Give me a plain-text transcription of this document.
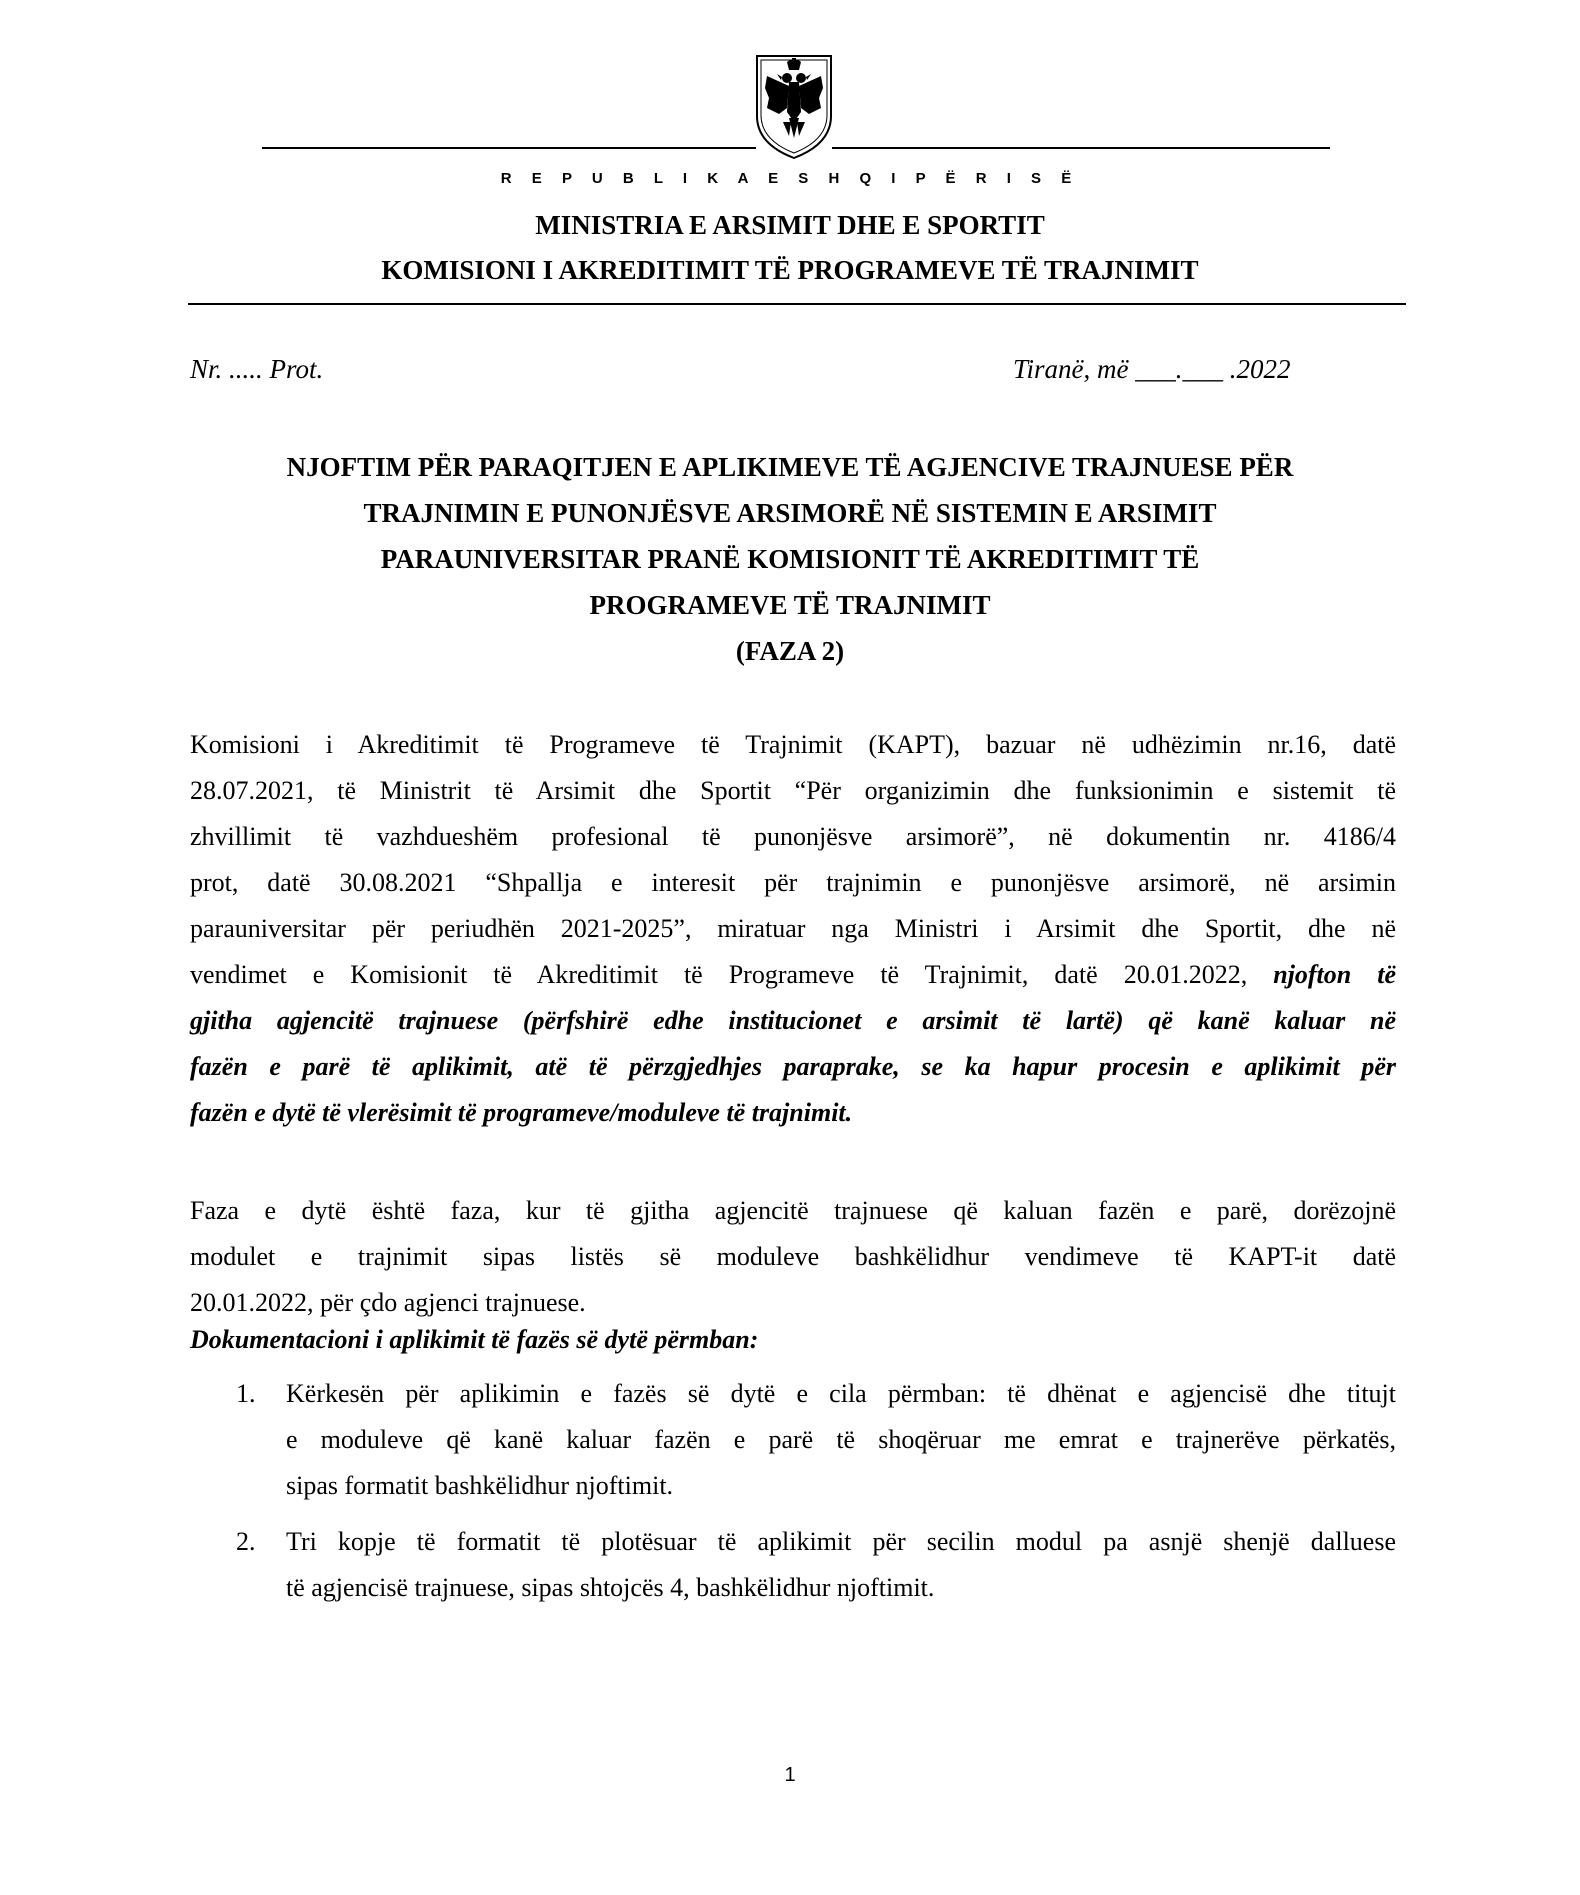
R E P U B L I K A E S H Q I P Ë R I S Ë
MINISTRIA E ARSIMIT DHE E SPORTIT
KOMISIONI I AKREDITIMIT TË PROGRAMEVE TË TRAJNIMIT
Nr. ..... Prot.	Tiranë, më ___.___ .2022
NJOFTIM PËR PARAQITJEN E APLIKIMEVE TË AGJENCIVE TRAJNUESE PËR
TRAJNIMIN E PUNONJËSVE ARSIMORË NË SISTEMIN E ARSIMIT
PARAUNIVERSITAR PRANË KOMISIONIT TË AKREDITIMIT TË
PROGRAMEVE TË TRAJNIMIT
(FAZA 2)
Komisioni i Akreditimit të Programeve të Trajnimit (KAPT), bazuar në udhëzimin nr.16, datë
28.07.2021, të Ministrit të Arsimit dhe Sportit “Për organizimin dhe funksionimin e sistemit të
zhvillimit të vazhdueshëm profesional të punonjësve arsimorë”, në dokumentin nr. 4186/4
prot, datë 30.08.2021 “Shpallja e interesit për trajnimin e punonjësve arsimorë, në arsimin
parauniversitar për periudhën 2021-2025”, miratuar nga Ministri i Arsimit dhe Sportit, dhe në
vendimet e Komisionit të Akreditimit të Programeve të Trajnimit, datë 20.01.2022, njofton të
gjitha agjencitë trajnuese (përfshirë edhe institucionet e arsimit të lartë) që kanë kaluar në
fazën e parë të aplikimit, atë të përzgjedhjes paraprake, se ka hapur procesin e aplikimit për
fazën e dytë të vlerësimit të programeve/moduleve të trajnimit.
Faza e dytë është faza, kur të gjitha agjencitë trajnuese që kaluan fazën e parë, dorëzojnë
modulet e trajnimit sipas listës së moduleve bashkëlidhur vendimeve të KAPT-it datë
20.01.2022, për çdo agjenci trajnuese.
Dokumentacioni i aplikimit të fazës së dytë përmban:
1. Kërkesën për aplikimin e fazës së dytë e cila përmban: të dhënat e agjencisë dhe titujt
e moduleve që kanë kaluar fazën e parë të shoqëruar me emrat e trajnerëve përkatës,
sipas formatit bashkëlidhur njoftimit.
2. Tri kopje të formatit të plotësuar të aplikimit për secilin modul pa asnjë shenjë dalluese
të agjencisë trajnuese, sipas shtojcës 4, bashkëlidhur njoftimit.
1
